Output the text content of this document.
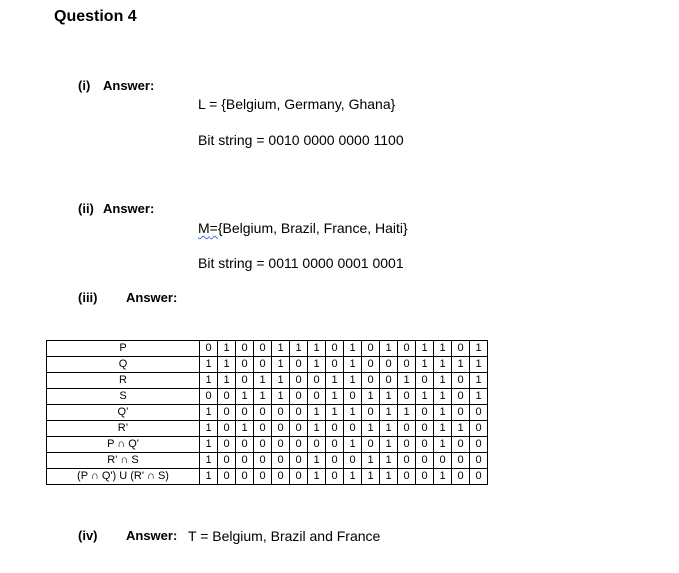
Question 4
(i) Answer:
L = {Belgium, Germany, Ghana}
Bit string = 0010 0000 0000 1100
(ii) Answer:
M={Belgium, Brazil, France, Haiti}
Bit string = 0011 0000 0001 0001
(iii) Answer:
P	0	1	0	0	1	1	1	0	1	0	1	0	1	1	0	1
Q	1	1	0	0	1	0	1	0	1	0	0	0	1	1	1	1
R	1	1	0	1	1	0	0	1	1	0	0	1	0	1	0	1
S	0	0	1	1	1	0	0	1	0	1	1	0	1	1	0	1
Q’	1	0	0	0	0	0	1	1	1	0	1	1	0	1	0	0
R’	1	0	1	0	0	0	1	0	0	1	1	0	0	1	1	0
P ∩ Q'	1	0	0	0	0	0	0	0	1	0	1	0	0	1	0	0
R' ∩ S	1	0	0	0	0	0	1	0	0	1	1	0	0	0	0	0
(P ∩ Q') U (R' ∩ S)	1	0	0	0	0	0	1	0	1	1	1	0	0	1	0	0
(iv) Answer: T = Belgium, Brazil and France
